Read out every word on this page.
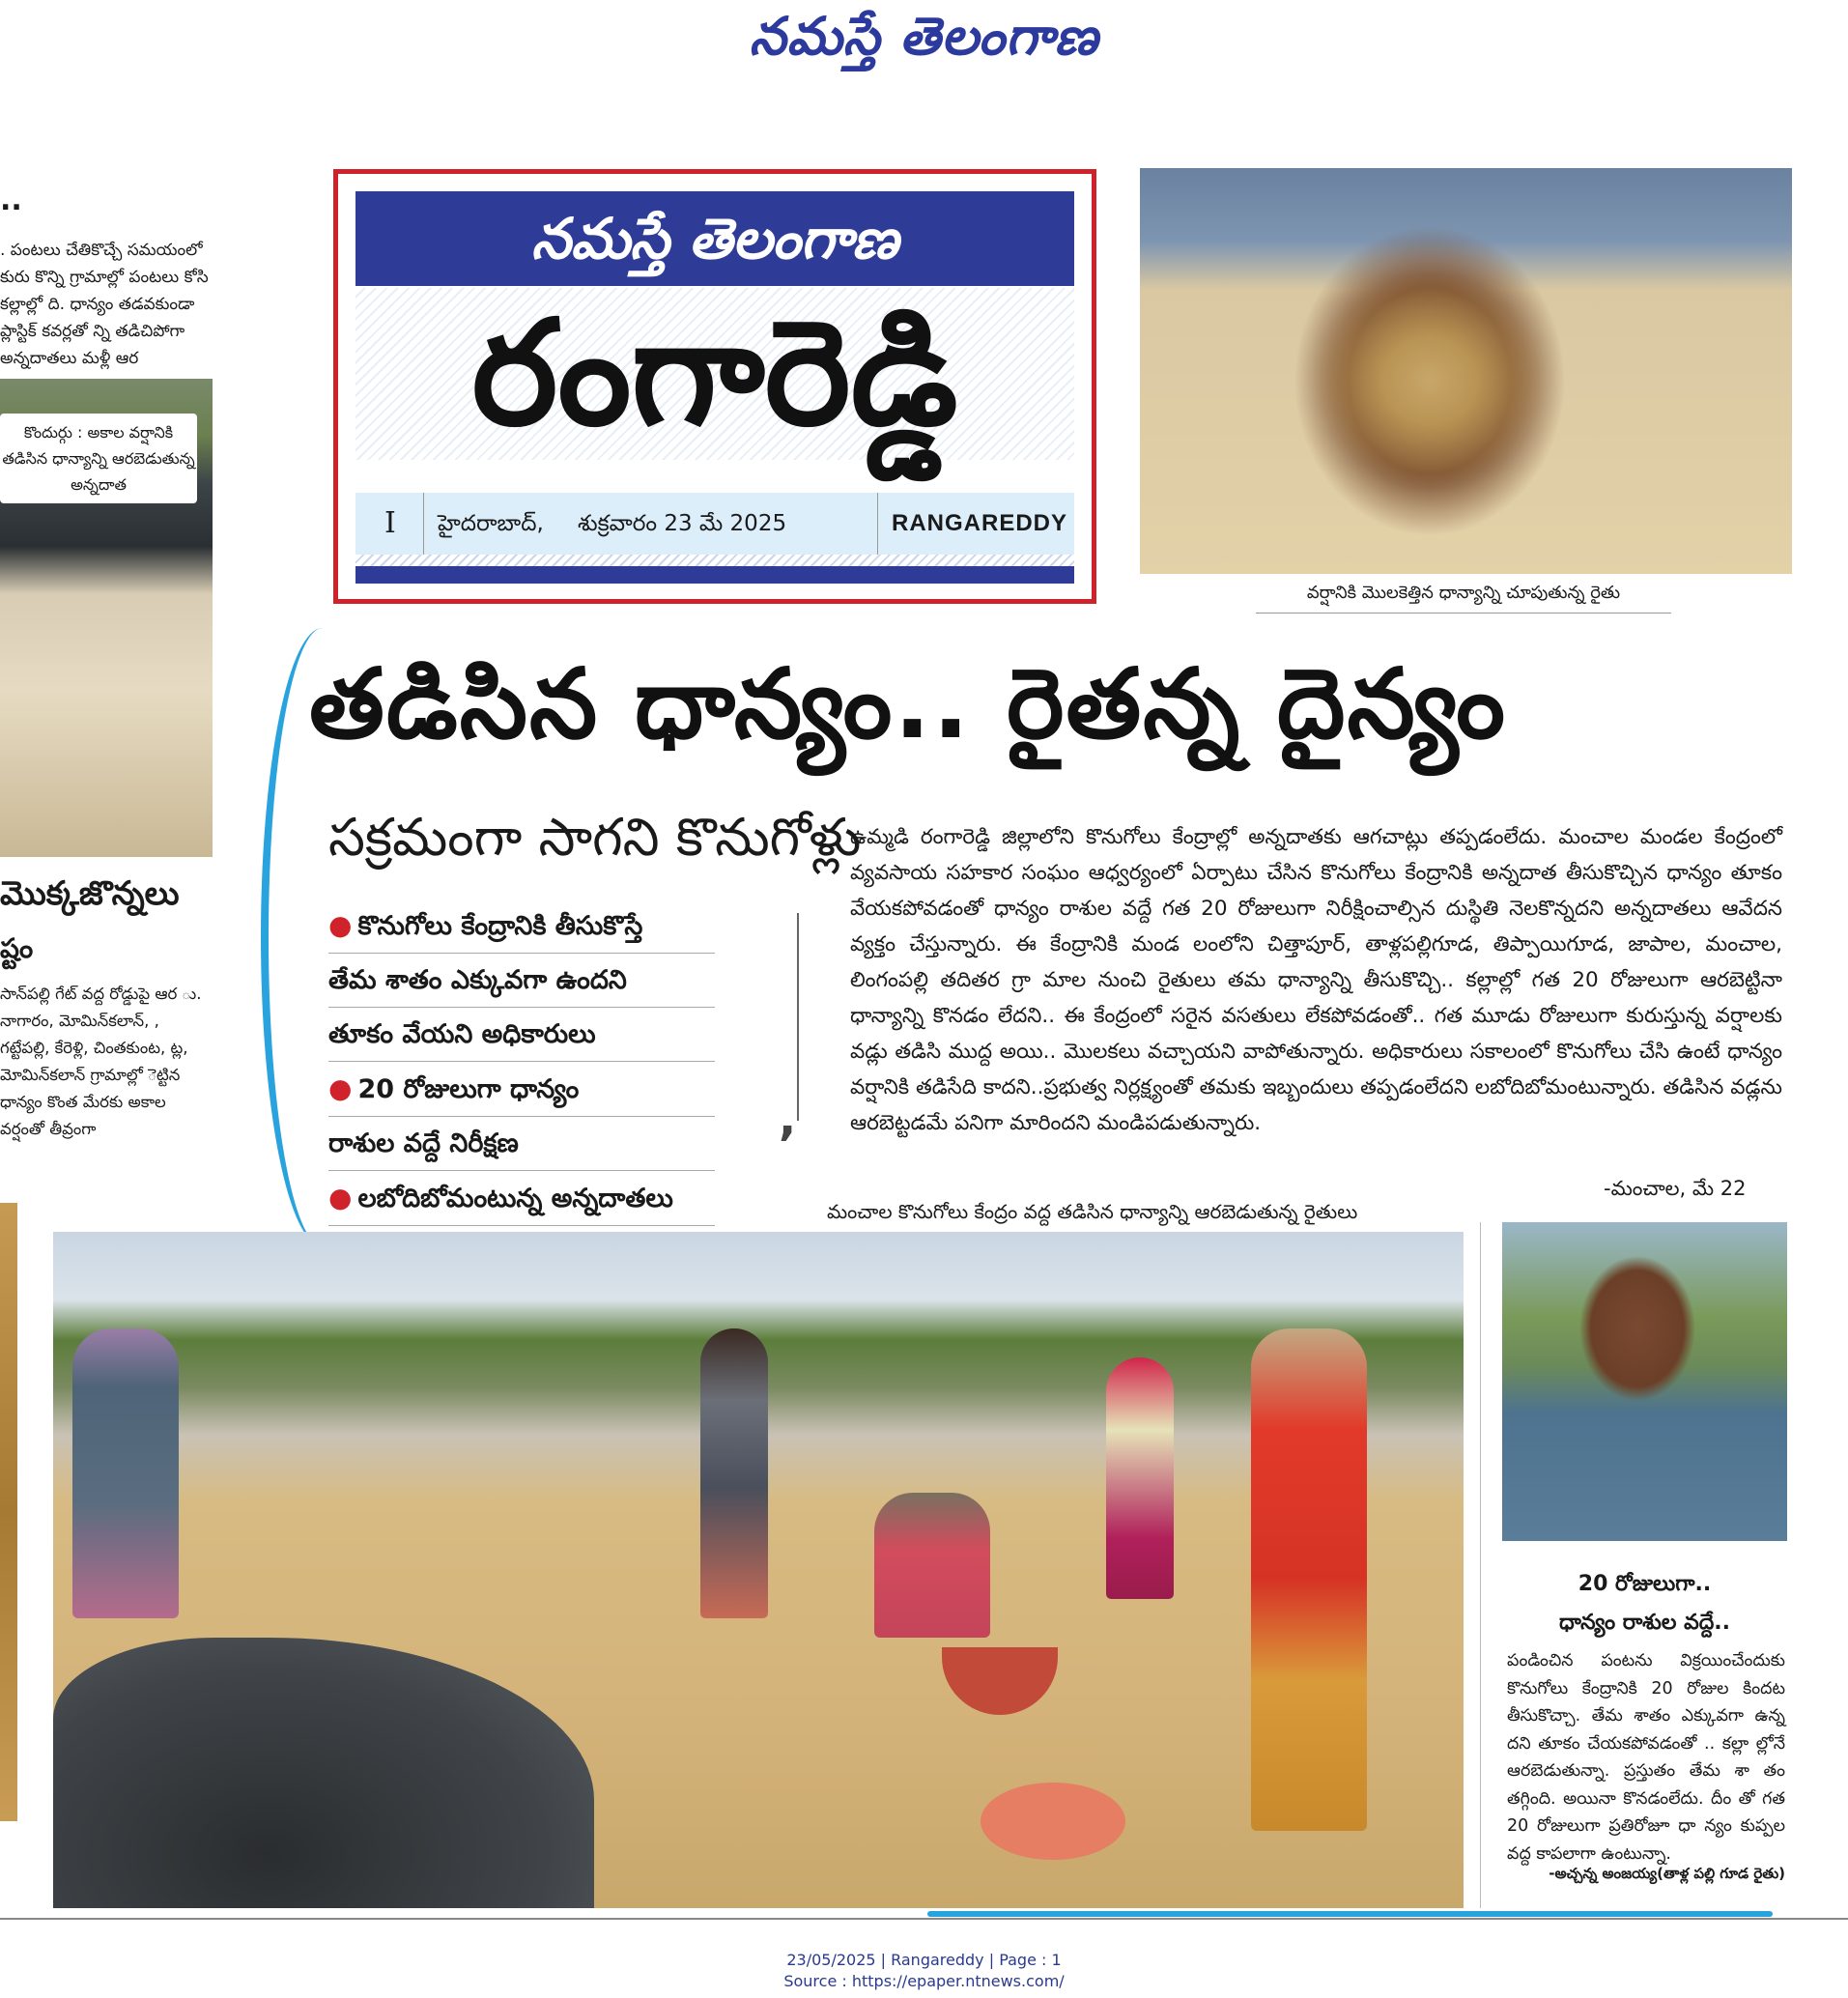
నమస్తే తెలంగాణ
..
. పంటలు చేతికొచ్చే సమయంలో కురు కొన్ని గ్రామాల్లో పంటలు కోసి కల్లాల్లో ది. ధాన్యం తడవకుండా ప్లాస్టిక్ కవర్లతో న్ని తడిచిపోగా అన్నదాతలు మళ్లీ ఆర
కొందుర్గు : అకాల వర్షానికి తడిసిన ధాన్యాన్ని ఆరబెడుతున్న అన్నదాత
మొక్కజొన్నలు
ష్టం
సాన్‌పల్లి గేట్ వద్ద రోడ్డుపై ఆర ు. నాగారం, మోమిన్‌కలాన్, , గట్టేపల్లి, కేరెళ్లి, చింతకుంట, ట్ల, మోమిన్‌కలాన్ గ్రామాల్లో ెట్టిన ధాన్యం కొంత మేరకు అకాల వర్షంతో తీవ్రంగా
నమస్తే తెలంగాణ
రంగారెడ్డి
I హైదరాబాద్, శుక్రవారం 23 మే 2025	RANGAREDDY
వర్షానికి మొలకెత్తిన ధాన్యాన్ని చూపుతున్న రైతు
తడిసిన ధాన్యం.. రైతన్న దైన్యం
సక్రమంగా సాగని కొనుగోళ్లు
● కొనుగోలు కేంద్రానికి తీసుకొస్తే
తేమ శాతం ఎక్కువగా ఉందని
తూకం వేయని అధికారులు
● 20 రోజులుగా ధాన్యం
రాశుల వద్దే నిరీక్షణ
● లబోదిబోమంటున్న అన్నదాతలు
,

ఉమ్మడి రంగారెడ్డి జిల్లాలోని కొనుగోలు కేంద్రాల్లో అన్నదాతకు ఆగచాట్లు తప్పడంలేదు. మంచాల మండల కేంద్రంలో వ్యవసాయ సహకార సంఘం ఆధ్వర్యంలో ఏర్పాటు చేసిన కొనుగోలు కేంద్రానికి అన్నదాత తీసుకొచ్చిన ధాన్యం తూకం వేయకపోవడంతో ధాన్యం రాశుల వద్దే గత 20 రోజులుగా నిరీక్షించాల్సిన దుస్థితి నెలకొన్నదని అన్నదాతలు ఆవేదన వ్యక్తం చేస్తున్నారు. ఈ కేంద్రానికి మండ లంలోని చిత్తాపూర్, తాళ్లపల్లిగూడ, తిప్పాయిగూడ, జాపాల, మంచాల, లింగంపల్లి తదితర గ్రా మాల నుంచి రైతులు తమ ధాన్యాన్ని తీసుకొచ్చి.. కల్లాల్లో గత 20 రోజులుగా ఆరబెట్టినా ధాన్యాన్ని కొనడం లేదని.. ఈ కేంద్రంలో సరైన వసతులు లేకపోవడంతో.. గత మూడు రోజులుగా కురుస్తున్న వర్షాలకు వడ్లు తడిసి ముద్ద అయి.. మొలకలు వచ్చాయని వాపోతున్నారు. అధికారులు సకాలంలో కొనుగోలు చేసి ఉంటే ధాన్యం వర్షానికి తడిసేది కాదని..ప్రభుత్వ నిర్లక్ష్యంతో తమకు ఇబ్బందులు తప్పడంలేదని లబోదిబోమంటున్నారు. తడిసిన వడ్లను ఆరబెట్టడమే పనిగా మారిందని మండిపడుతున్నారు.

-మంచాల, మే 22
మంచాల కొనుగోలు కేంద్రం వద్ద తడిసిన ధాన్యాన్ని ఆరబెడుతున్న రైతులు
20 రోజులుగా..
ధాన్యం రాశుల వద్దే..
పండించిన పంటను విక్రయించేందుకు కొనుగోలు కేంద్రానికి 20 రోజుల కిందట తీసుకొచ్చా. తేమ శాతం ఎక్కువగా ఉన్న దని తూకం చేయకపోవడంతో .. కల్లా ల్లోనే ఆరబెడుతున్నా. ప్రస్తుతం తేమ శా తం తగ్గింది. అయినా కొనడంలేదు. దీం తో గత 20 రోజులుగా ప్రతిరోజూ ధా న్యం కుప్పల వద్ద కాపలాగా ఉంటున్నా.
-అచ్చన్న అంజయ్య(తాళ్ల పల్లి గూడ రైతు)
23/05/2025 | Rangareddy | Page : 1
Source : https://epaper.ntnews.com/
